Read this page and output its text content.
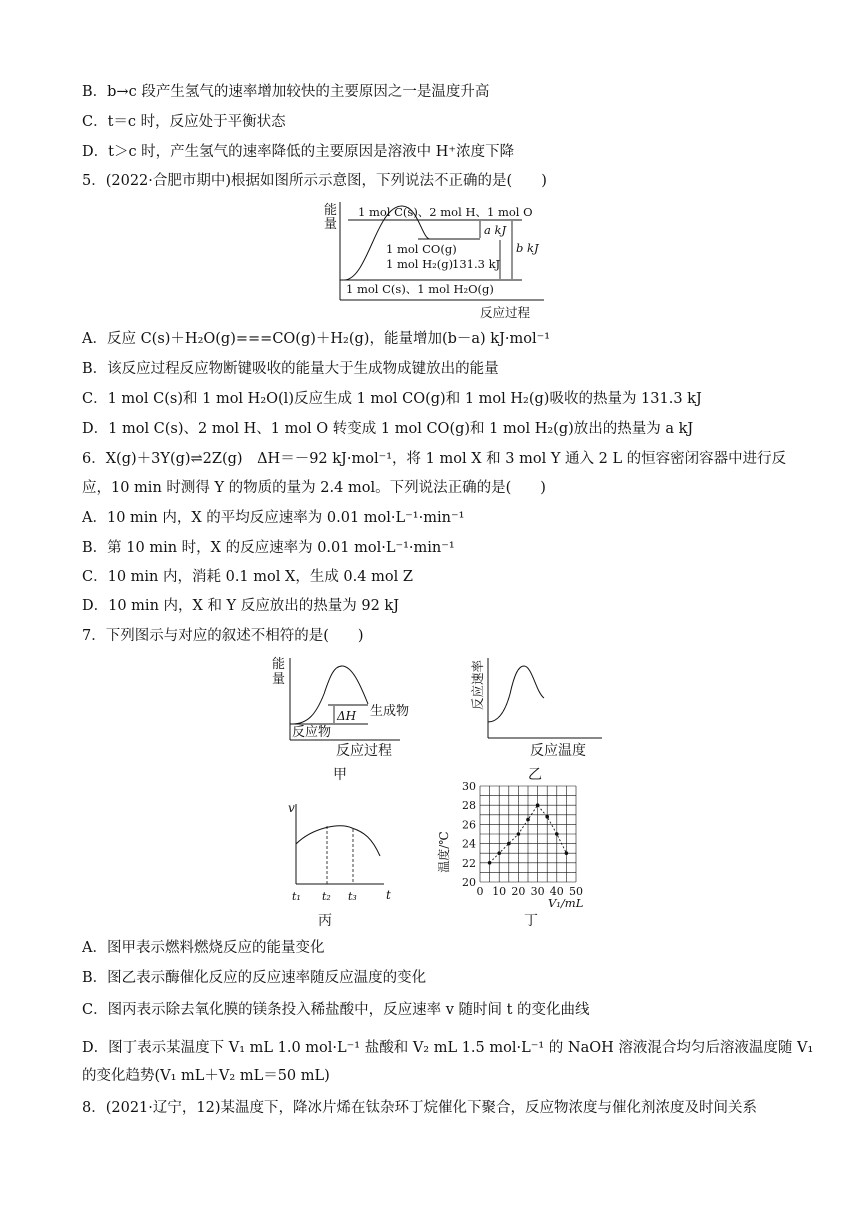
B．b→c 段产生氢气的速率增加较快的主要原因之一是温度升高
C．t＝c 时，反应处于平衡状态
D．t＞c 时，产生氢气的速率降低的主要原因是溶液中 H⁺浓度下降
5．(2022·合肥市期中)根据如图所示示意图，下列说法不正确的是(　　)
能
量
1 mol C(s)、2 mol H、1 mol O
1 mol CO(g)
1 mol H₂(g)
1 mol C(s)、1 mol H₂O(g)
a kJ
131.3 kJ
b kJ
反应过程
A．反应 C(s)＋H₂O(g)===CO(g)＋H₂(g)，能量增加(b－a) kJ·mol⁻¹
B．该反应过程反应物断键吸收的能量大于生成物成键放出的能量
C．1 mol C(s)和 1 mol H₂O(l)反应生成 1 mol CO(g)和 1 mol H₂(g)吸收的热量为 131.3 kJ
D．1 mol C(s)、2 mol H、1 mol O 转变成 1 mol CO(g)和 1 mol H₂(g)放出的热量为 a kJ
6．X(g)＋3Y(g)⇌2Z(g)　ΔH＝－92 kJ·mol⁻¹，将 1 mol X 和 3 mol Y 通入 2 L 的恒容密闭容器中进行反
应，10 min 时测得 Y 的物质的量为 2.4 mol。下列说法正确的是(　　)
A．10 min 内，X 的平均反应速率为 0.01 mol·L⁻¹·min⁻¹
B．第 10 min 时，X 的反应速率为 0.01 mol·L⁻¹·min⁻¹
C．10 min 内，消耗 0.1 mol X，生成 0.4 mol Z
D．10 min 内，X 和 Y 反应放出的热量为 92 kJ
7．下列图示与对应的叙述不相符的是(　　)
能
量
ΔH 生成物
反应物
反应过程
甲
反应速率
反应温度
乙
v
t
t₁ t₂ t₃
丙
温度/℃
20
22
24
26
28
30
0 10 20 30 40 50
V₁/mL
丁
A．图甲表示燃料燃烧反应的能量变化
B．图乙表示酶催化反应的反应速率随反应温度的变化
C．图丙表示除去氧化膜的镁条投入稀盐酸中，反应速率 v 随时间 t 的变化曲线
D．图丁表示某温度下 V₁ mL 1.0 mol·L⁻¹ 盐酸和 V₂ mL 1.5 mol·L⁻¹ 的 NaOH 溶液混合均匀后溶液温度随 V₁
的变化趋势(V₁ mL＋V₂ mL＝50 mL)
8．(2021·辽宁，12)某温度下，降冰片烯在钛杂环丁烷催化下聚合，反应物浓度与催化剂浓度及时间关系
